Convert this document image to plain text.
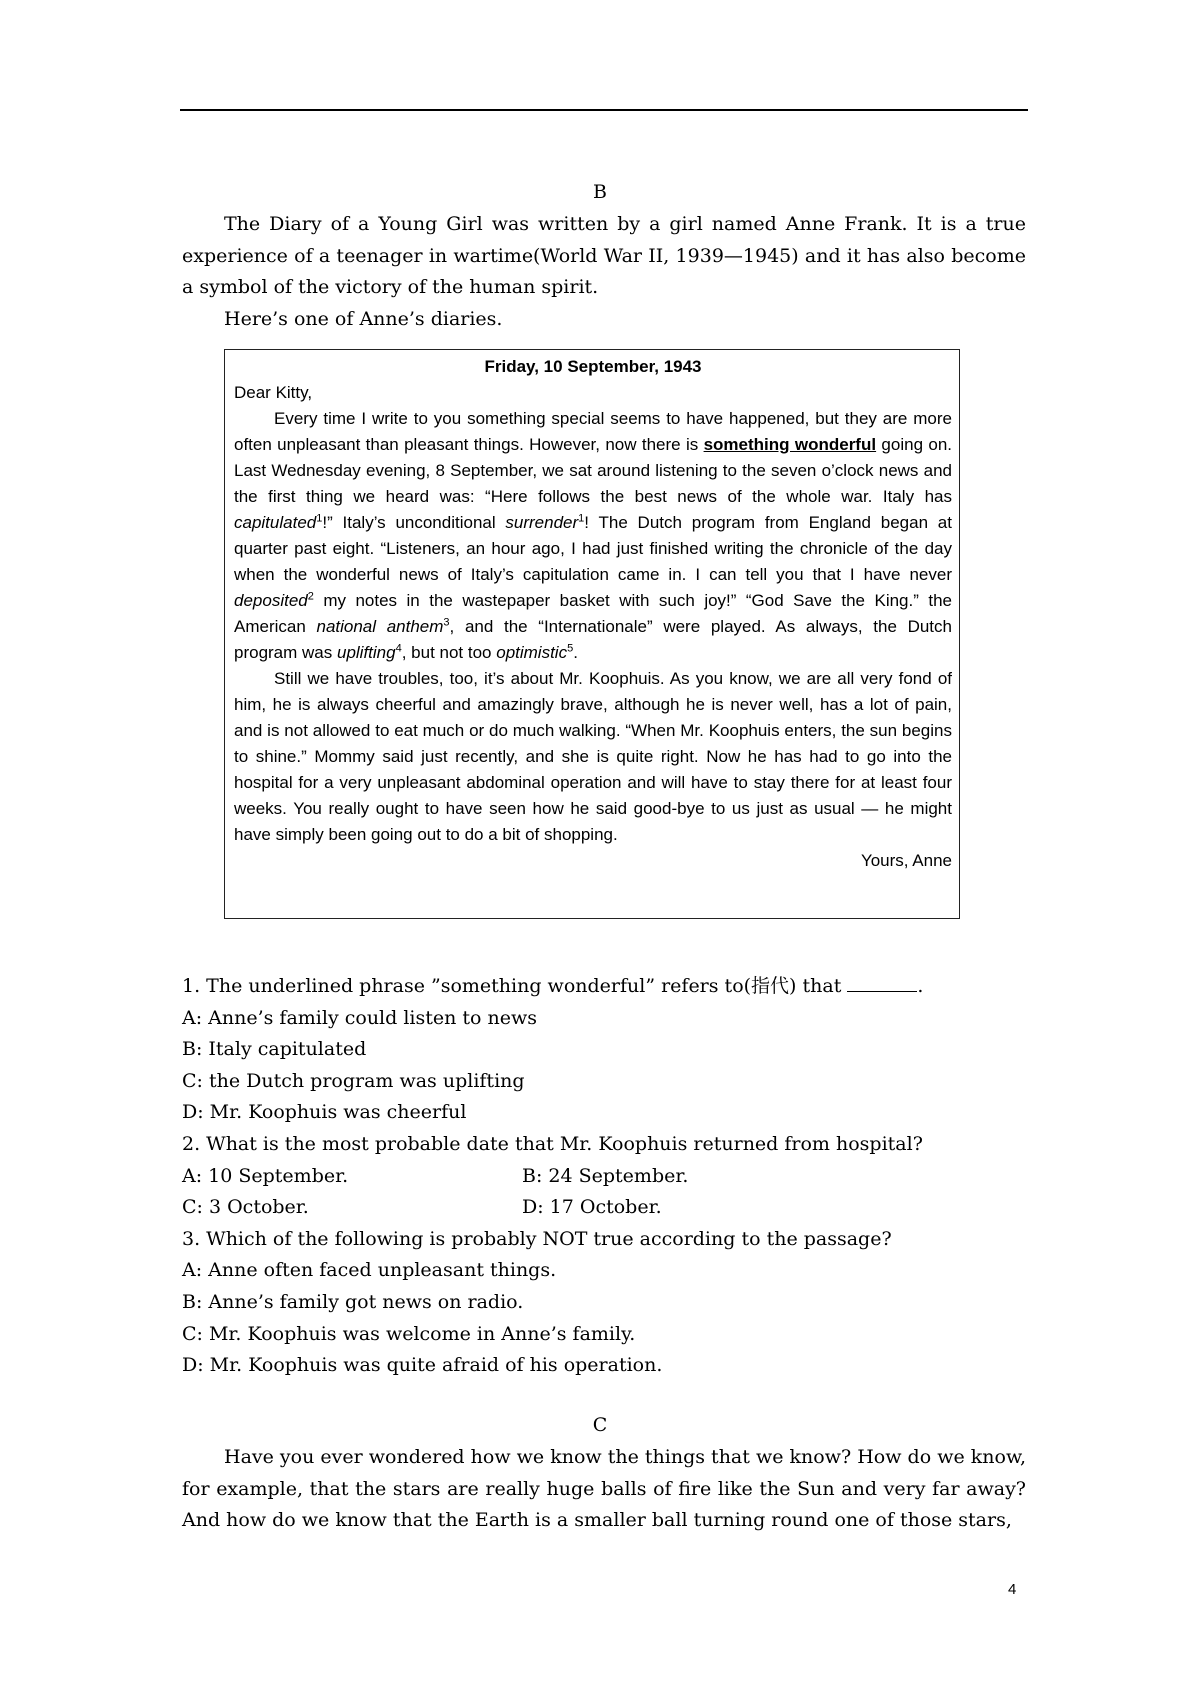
B
The Diary of a Young Girl was written by a girl named Anne Frank. It is a true experience of a teenager in wartime(World War II, 1939—1945) and it has also become a symbol of the victory of the human spirit.
Here’s one of Anne’s diaries.
Friday, 10 September, 1943
Dear Kitty,
Every time I write to you something special seems to have happened, but they are more often unpleasant than pleasant things. However, now there is something wonderful going on. Last Wednesday evening, 8 September, we sat around listening to the seven o’clock news and the first thing we heard was: “Here follows the best news of the whole war. Italy has capitulated$^1$!” Italy’s unconditional surrender$^1$! The Dutch program from England began at quarter past eight. “Listeners, an hour ago, I had just finished writing the chronicle of the day when the wonderful news of Italy’s capitulation came in. I can tell you that I have never deposited$^2$ my notes in the wastepaper basket with such joy!” “God Save the King.” the American national anthem$^3$, and the “Internationale” were played. As always, the Dutch program was uplifting$^4$, but not too optimistic$^5$.
Still we have troubles, too, it’s about Mr. Koophuis. As you know, we are all very fond of him, he is always cheerful and amazingly brave, although he is never well, has a lot of pain, and is not allowed to eat much or do much walking. “When Mr. Koophuis enters, the sun begins to shine.” Mommy said just recently, and she is quite right. Now he has had to go into the hospital for a very unpleasant abdominal operation and will have to stay there for at least four weeks. You really ought to have seen how he said good-bye to us just as usual — he might have simply been going out to do a bit of shopping.
Yours, Anne
1. The underlined phrase ”something wonderful” refers to(指代) that	.
A: Anne’s family could listen to news
B: Italy capitulated
C: the Dutch program was uplifting
D: Mr. Koophuis was cheerful
2. What is the most probable date that Mr. Koophuis returned from hospital?
A: 10 September.	B: 24 September.
C: 3 October.	D: 17 October.
3. Which of the following is probably NOT true according to the passage?
A: Anne often faced unpleasant things.
B: Anne’s family got news on radio.
C: Mr. Koophuis was welcome in Anne’s family.
D: Mr. Koophuis was quite afraid of his operation.
C
Have you ever wondered how we know the things that we know? How do we know, for example, that the stars are really huge balls of fire like the Sun and very far away? And how do we know that the Earth is a smaller ball turning round one of those stars,
4
